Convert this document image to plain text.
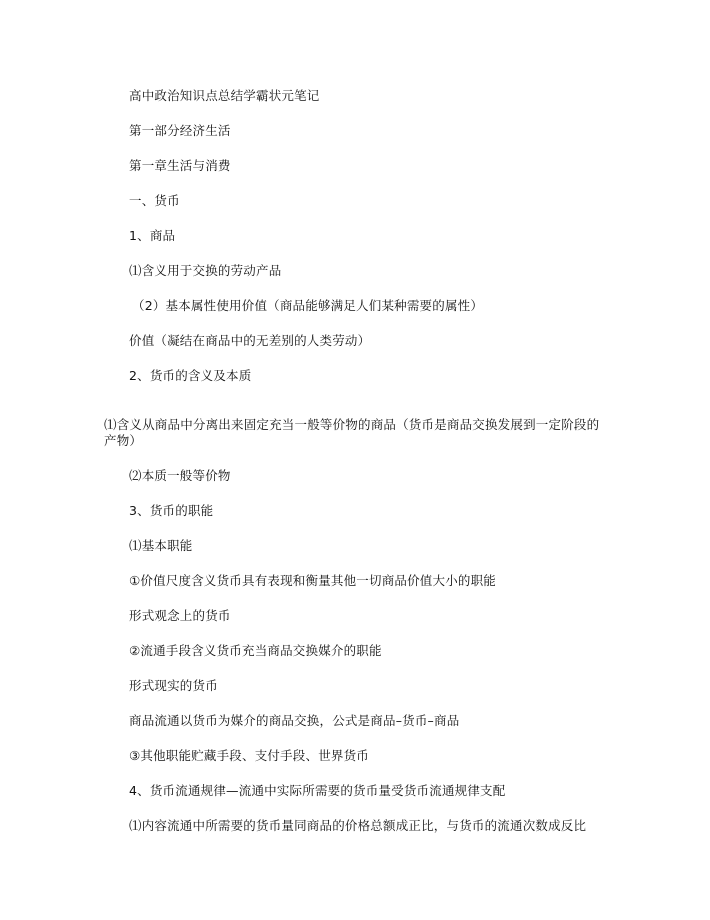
高中政治知识点总结学霸状元笔记
第一部分经济生活
第一章生活与消费
一、货币
1、商品
⑴含义用于交换的劳动产品
（2）基本属性使用价值（商品能够满足人们某种需要的属性）
价值（凝结在商品中的无差别的人类劳动）
2、货币的含义及本质
⑴含义从商品中分离出来固定充当一般等价物的商品（货币是商品交换发展到一定阶段的产物）
⑵本质一般等价物
3、货币的职能
⑴基本职能
①价值尺度含义货币具有表现和衡量其他一切商品价值大小的职能
形式观念上的货币
②流通手段含义货币充当商品交换媒介的职能
形式现实的货币
商品流通以货币为媒介的商品交换，公式是商品–货币–商品
③其他职能贮藏手段、支付手段、世界货币
4、货币流通规律—流通中实际所需要的货币量受货币流通规律支配
⑴内容流通中所需要的货币量同商品的价格总额成正比，与货币的流通次数成反比
